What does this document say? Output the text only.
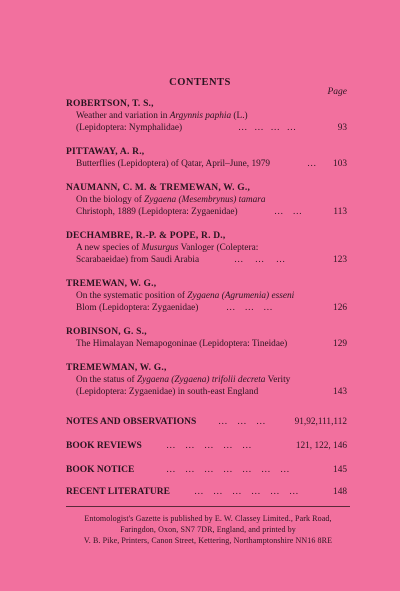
CONTENTS
Page
ROBERTSON, T. S.,
Weather and variation in Argynnis paphia (L.)
(Lepidoptera: Nymphalidae)	…   …   …   …	93
PITTAWAY, A. R.,
Butterflies (Lepidoptera) of Qatar, April–June, 1979	… 103
NAUMANN, C. M. & TREMEWAN, W. G.,
On the biology of Zygaena (Mesembrynus) tamara
Christoph, 1889 (Lepidoptera: Zygaenidae)	…    …	113
DECHAMBRE, R.-P. & POPE, R. D.,
A new species of Musurgus Vanloger (Coleptera:
Scarabaeidae) from Saudi Arabia	…     …     …	123
TREMEWAN, W. G.,
On the systematic position of Zygaena (Agrumenia) esseni
Blom (Lepidoptera: Zygaenidae)	…    …    …	126
ROBINSON, G. S.,
The Himalayan Nemapogoninae (Lepidoptera: Tineidae)	129
TREMEWMAN, W. G.,
On the status of Zygaena (Zygaena) trifolii decreta Verity
(Lepidoptera: Zygaenidae) in south-east England	143
NOTES AND OBSERVATIONS …    …    …	91,92,111,112
BOOK REVIEWS	…    …    …    …    …	121, 122, 146
BOOK NOTICE	…    …    …    …    …    …    …	145
RECENT LITERATURE	…    …    …    …    …    …	148
Entomologist's Gazette is published by E. W. Classey Limited., Park Road,
Faringdon, Oxon, SN7 7DR, England, and printed by
V. B. Pike, Printers, Canon Street, Kettering, Northamptonshire NN16 8RE
